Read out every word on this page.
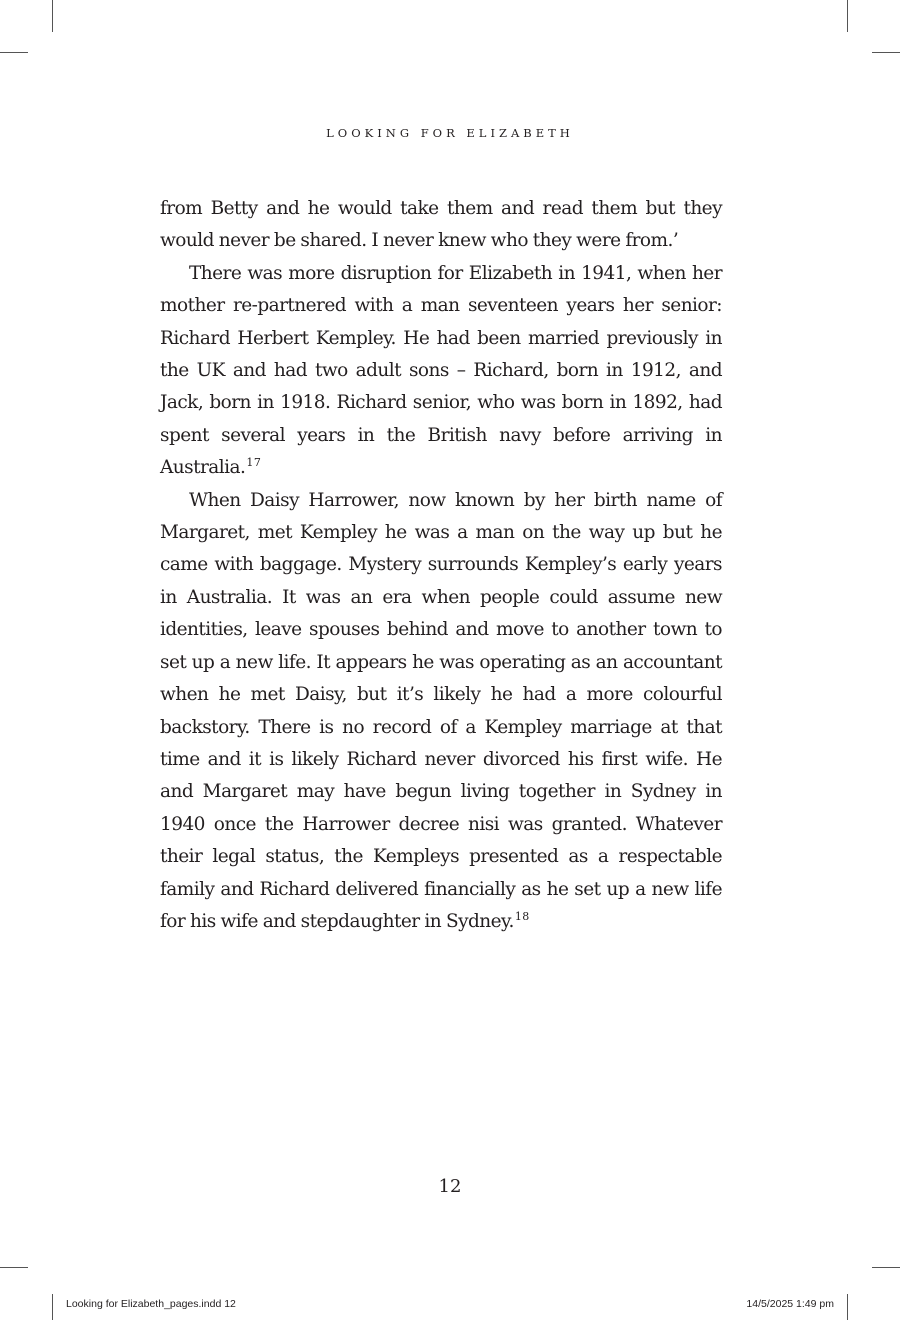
LOOKING FOR ELIZABETH

from Betty and he would take them and read them but they would never be shared. I never knew who they were from.’

There was more disruption for Elizabeth in 1941, when her mother re-partnered with a man seventeen years her senior: Richard Herbert Kempley. He had been married previously in the UK and had two adult sons – Richard, born in 1912, and Jack, born in 1918. Richard senior, who was born in 1892, had spent several years in the British navy before arriving in Australia.$^{17}$

When Daisy Harrower, now known by her birth name of Margaret, met Kempley he was a man on the way up but he came with baggage. Mystery surrounds Kempley’s early years in Australia. It was an era when people could assume new identities, leave spouses behind and move to another town to set up a new life. It appears he was operating as an accountant when he met Daisy, but it’s likely he had a more colourful backstory. There is no record of a Kempley marriage at that time and it is likely Richard never divorced his first wife. He and Margaret may have begun living together in Sydney in 1940 once the Harrower decree nisi was granted. Whatever their legal status, the Kempleys presented as a respectable family and Richard delivered financially as he set up a new life for his wife and stepdaughter in Sydney.$^{18}$

12
Looking for Elizabeth_pages.indd 12	14/5/2025 1:49 pm
